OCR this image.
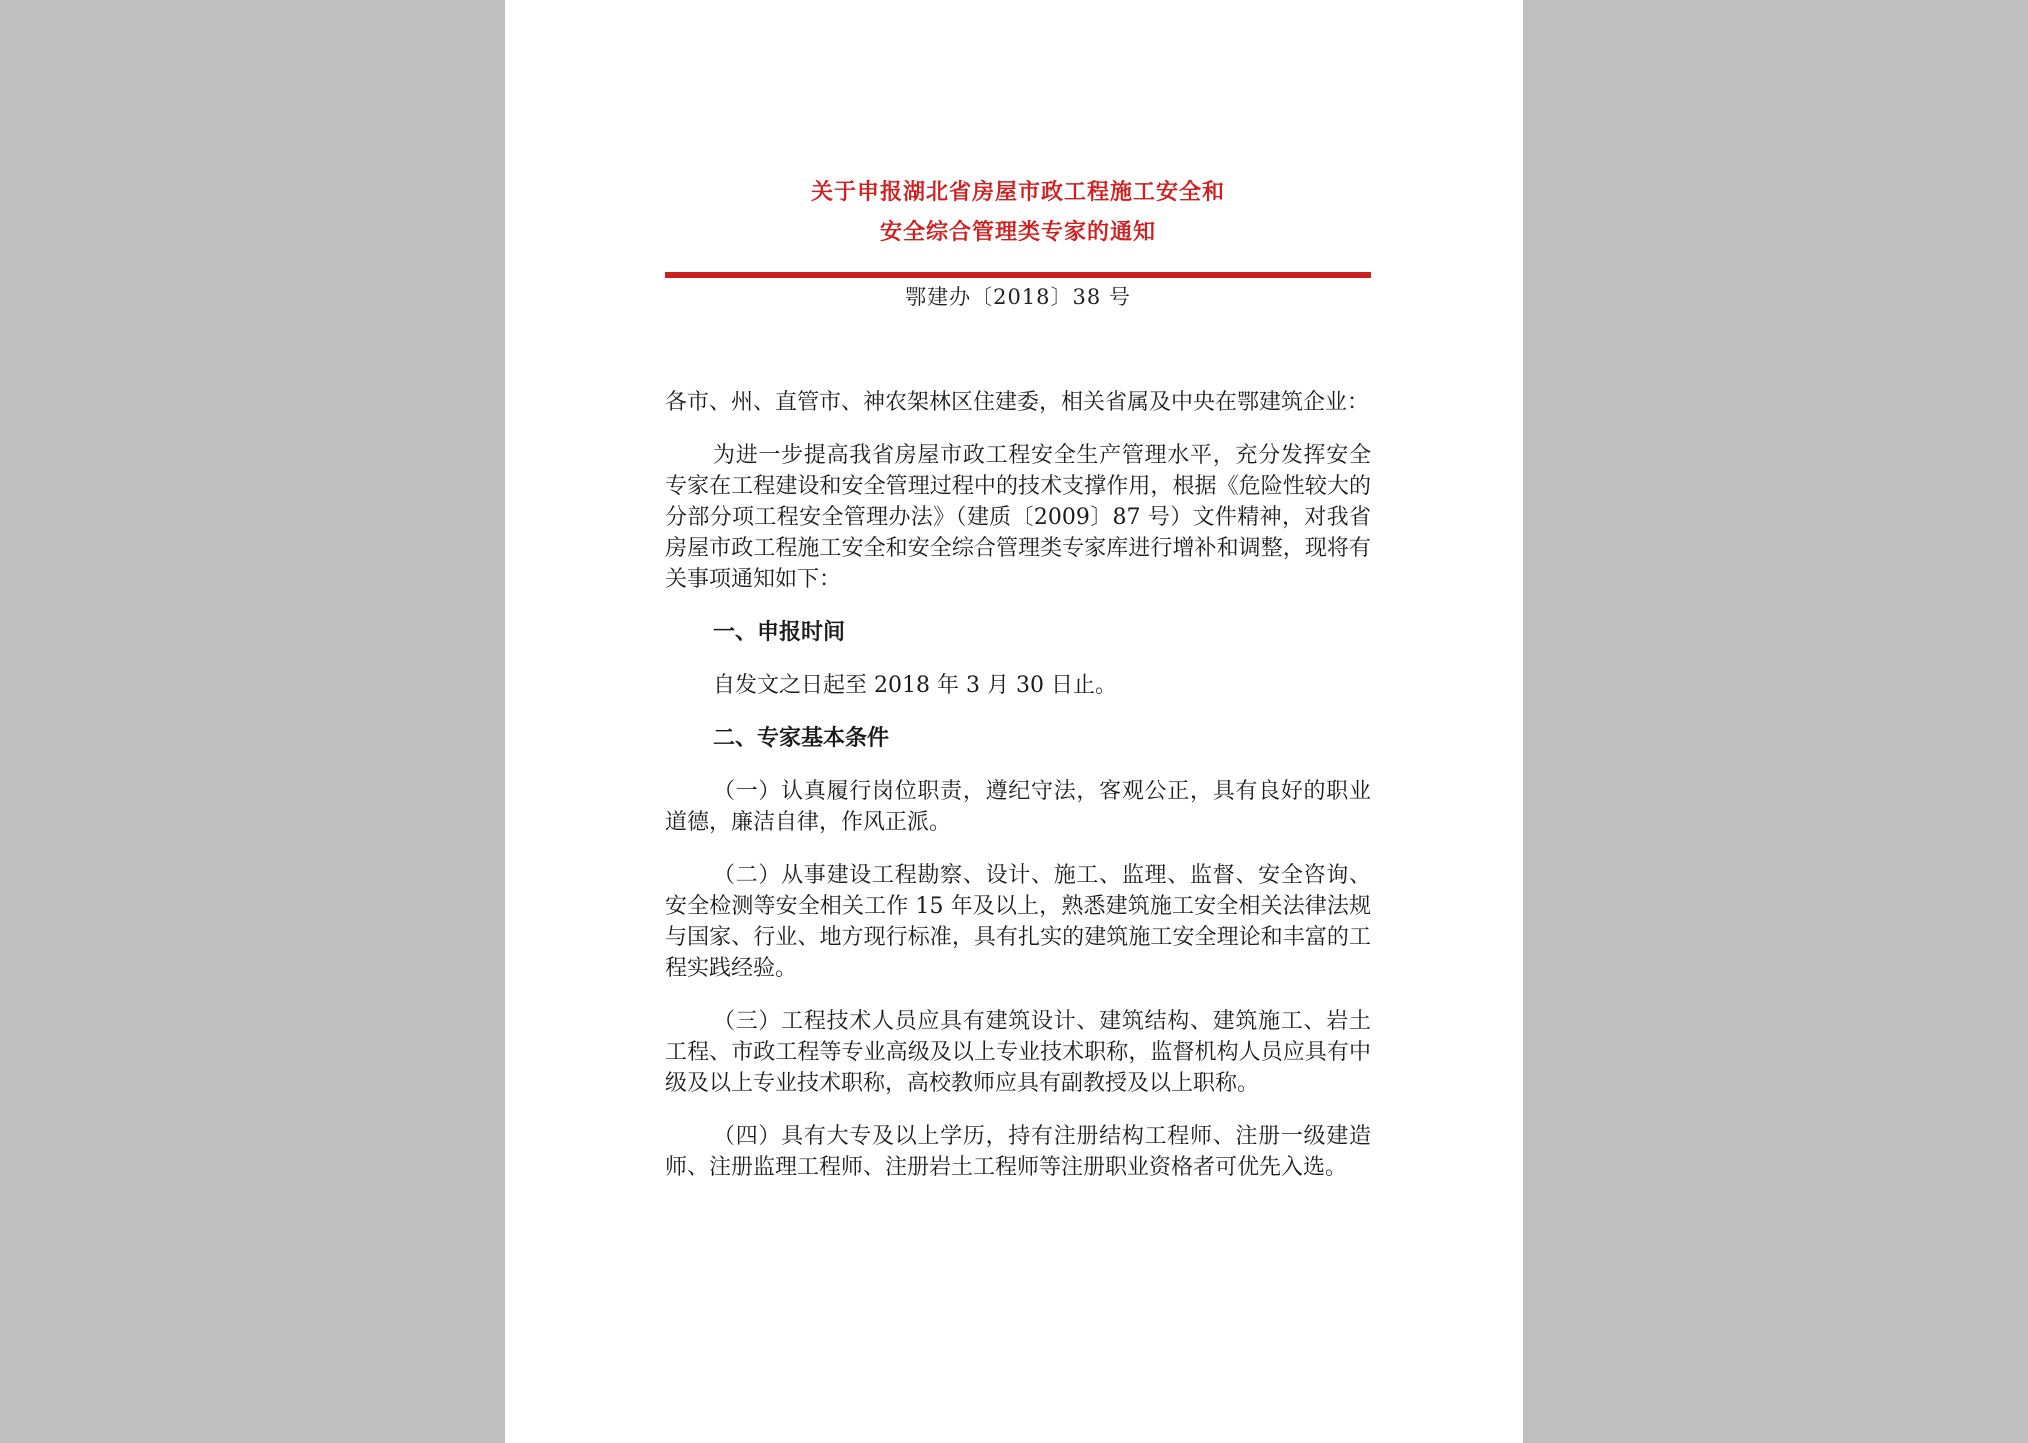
关于申报湖北省房屋市政工程施工安全和
安全综合管理类专家的通知
鄂建办〔2018〕38 号

各市、州、直管市、神农架林区住建委，相关省属及中央在鄂建筑企业：

为进一步提高我省房屋市政工程安全生产管理水平，充分发挥安全专家在工程建设和安全管理过程中的技术支撑作用，根据《危险性较大的分部分项工程安全管理办法》（建质〔2009〕87 号）文件精神，对我省房屋市政工程施工安全和安全综合管理类专家库进行增补和调整，现将有关事项通知如下：

一、申报时间

自发文之日起至 2018 年 3 月 30 日止。

二、专家基本条件

（一）认真履行岗位职责，遵纪守法，客观公正，具有良好的职业道德，廉洁自律，作风正派。

（二）从事建设工程勘察、设计、施工、监理、监督、安全咨询、安全检测等安全相关工作 15 年及以上，熟悉建筑施工安全相关法律法规与国家、行业、地方现行标准，具有扎实的建筑施工安全理论和丰富的工程实践经验。

（三）工程技术人员应具有建筑设计、建筑结构、建筑施工、岩土工程、市政工程等专业高级及以上专业技术职称，监督机构人员应具有中级及以上专业技术职称，高校教师应具有副教授及以上职称。

（四）具有大专及以上学历，持有注册结构工程师、注册一级建造师、注册监理工程师、注册岩土工程师等注册职业资格者可优先入选。
